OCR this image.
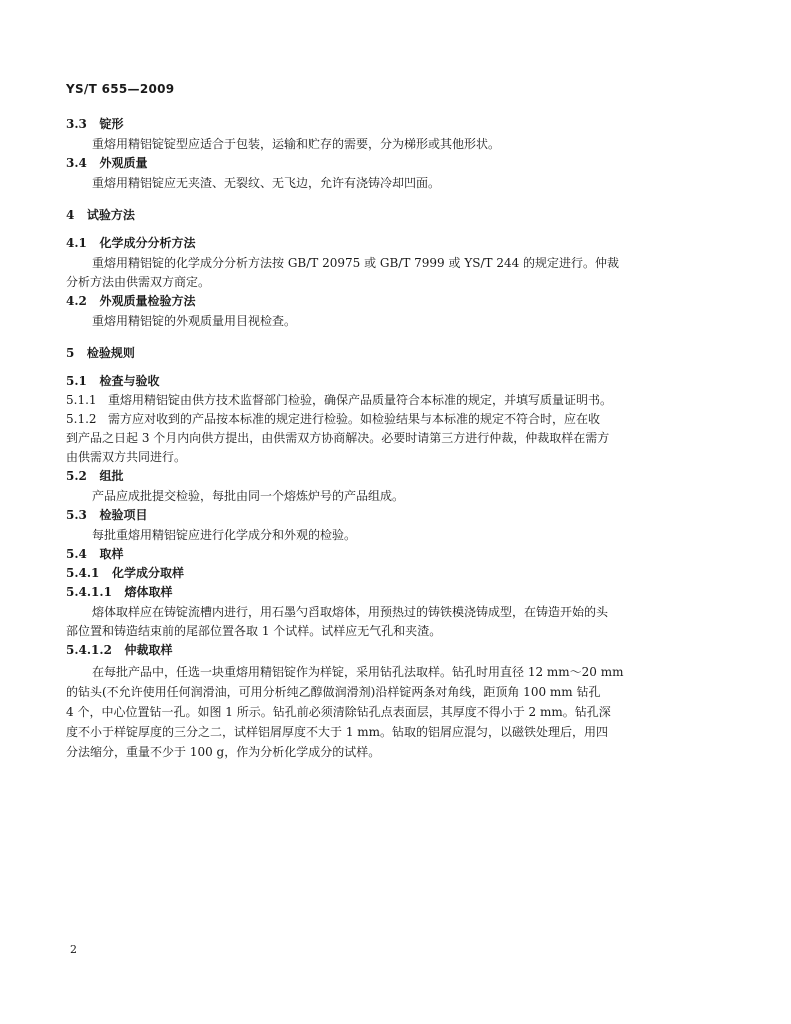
YS/T 655—2009
3.3 锭形
重熔用精铝锭锭型应适合于包装，运输和贮存的需要，分为梯形或其他形状。
3.4 外观质量
重熔用精铝锭应无夹渣、无裂纹、无飞边，允许有浇铸冷却凹面。
4 试验方法
4.1 化学成分分析方法
重熔用精铝锭的化学成分分析方法按 GB/T 20975 或 GB/T 7999 或 YS/T 244 的规定进行。仲裁
分析方法由供需双方商定。
4.2 外观质量检验方法
重熔用精铝锭的外观质量用目视检查。
5 检验规则
5.1 检查与验收
5.1.1 重熔用精铝锭由供方技术监督部门检验，确保产品质量符合本标准的规定，并填写质量证明书。
5.1.2 需方应对收到的产品按本标准的规定进行检验。如检验结果与本标准的规定不符合时，应在收
到产品之日起 3 个月内向供方提出，由供需双方协商解决。必要时请第三方进行仲裁，仲裁取样在需方
由供需双方共同进行。
5.2 组批
产品应成批提交检验，每批由同一个熔炼炉号的产品组成。
5.3 检验项目
每批重熔用精铝锭应进行化学成分和外观的检验。
5.4 取样
5.4.1 化学成分取样
5.4.1.1 熔体取样
熔体取样应在铸锭流槽内进行，用石墨勺舀取熔体，用预热过的铸铁模浇铸成型，在铸造开始的头
部位置和铸造结束前的尾部位置各取 1 个试样。试样应无气孔和夹渣。
5.4.1.2 仲裁取样
在每批产品中，任选一块重熔用精铝锭作为样锭，采用钻孔法取样。钻孔时用直径 12 mm～20 mm
的钻头(不允许使用任何润滑油，可用分析纯乙醇做润滑剂)沿样锭两条对角线，距顶角 100 mm 钻孔
4 个，中心位置钻一孔。如图 1 所示。钻孔前必须清除钻孔点表面层，其厚度不得小于 2 mm。钻孔深
度不小于样锭厚度的三分之二，试样铝屑厚度不大于 1 mm。钻取的铝屑应混匀，以磁铁处理后，用四
分法缩分，重量不少于 100 g，作为分析化学成分的试样。
2
